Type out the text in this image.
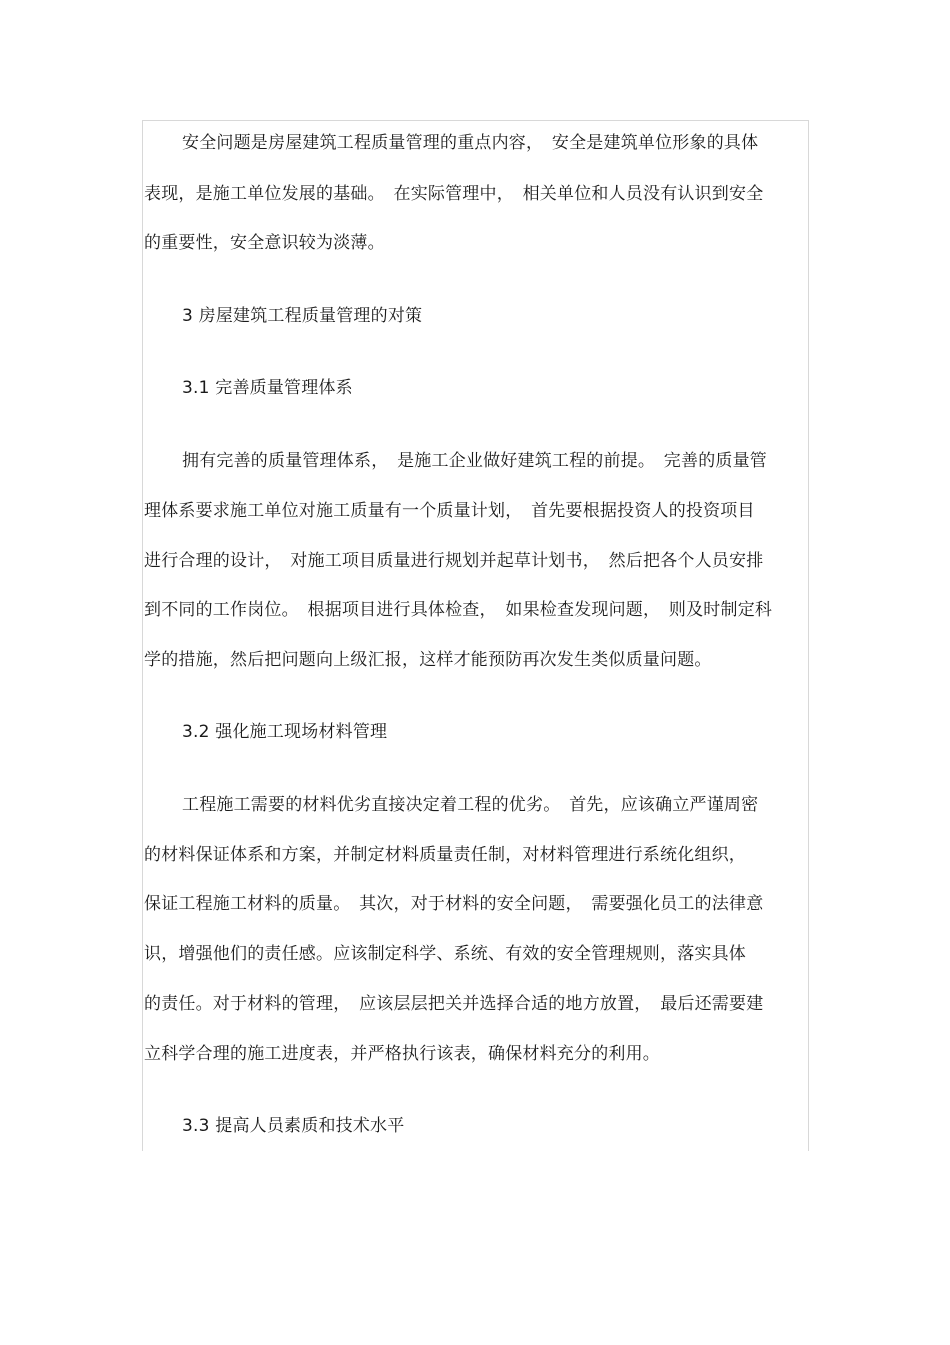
安全问题是房屋建筑工程质量管理的重点内容，　安全是建筑单位形象的具体
表现，是施工单位发展的基础。　在实际管理中，　相关单位和人员没有认识到安全
的重要性，安全意识较为淡薄。
3 房屋建筑工程质量管理的对策
3.1 完善质量管理体系
拥有完善的质量管理体系，　是施工企业做好建筑工程的前提。　完善的质量管
理体系要求施工单位对施工质量有一个质量计划，　首先要根据投资人的投资项目
进行合理的设计，　对施工项目质量进行规划并起草计划书，　然后把各个人员安排
到不同的工作岗位。　根据项目进行具体检查，　如果检查发现问题，　则及时制定科
学的措施，然后把问题向上级汇报，这样才能预防再次发生类似质量问题。
3.2 强化施工现场材料管理
工程施工需要的材料优劣直接决定着工程的优劣。　首先，应该确立严谨周密
的材料保证体系和方案，并制定材料质量责任制，对材料管理进行系统化组织，
保证工程施工材料的质量。　其次，对于材料的安全问题，　需要强化员工的法律意
识，增强他们的责任感。应该制定科学、系统、有效的安全管理规则，落实具体
的责任。对于材料的管理，　应该层层把关并选择合适的地方放置，　最后还需要建
立科学合理的施工进度表，并严格执行该表，确保材料充分的利用。
3.3 提高人员素质和技术水平
